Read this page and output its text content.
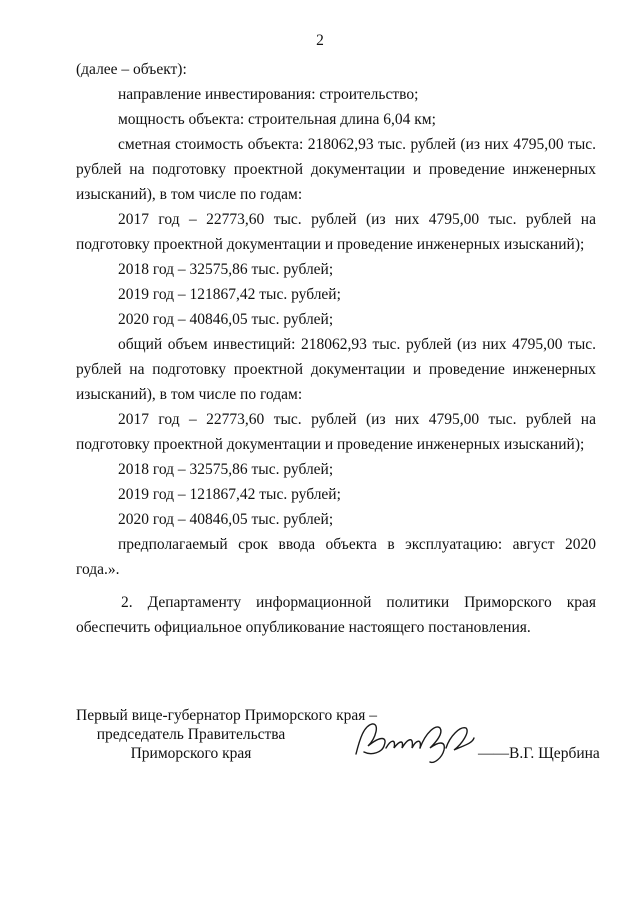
2

(далее – объект):

направление инвестирования: строительство;

мощность объекта: строительная длина 6,04 км;

сметная стоимость объекта: 218062,93 тыс. рублей (из них 4795,00 тыс. рублей на подготовку проектной документации и проведение инженерных изысканий), в том числе по годам:

2017 год – 22773,60 тыс. рублей (из них 4795,00 тыс. рублей на подготовку проектной документации и проведение инженерных изысканий);

2018 год – 32575,86 тыс. рублей;

2019 год – 121867,42 тыс. рублей;

2020 год – 40846,05 тыс. рублей;

общий объем инвестиций: 218062,93 тыс. рублей (из них 4795,00 тыс. рублей на подготовку проектной документации и проведение инженерных изысканий), в том числе по годам:

2017 год – 22773,60 тыс. рублей (из них 4795,00 тыс. рублей на подготовку проектной документации и проведение инженерных изысканий);

2018 год – 32575,86 тыс. рублей;

2019 год – 121867,42 тыс. рублей;

2020 год – 40846,05 тыс. рублей;

предполагаемый срок ввода объекта в эксплуатацию: август 2020 года.».

2. Департаменту информационной политики Приморского края обеспечить официальное опубликование настоящего постановления.

Первый вице-губернатор Приморского края –
председатель Правительства
Приморского края	——В.Г. Щербина
